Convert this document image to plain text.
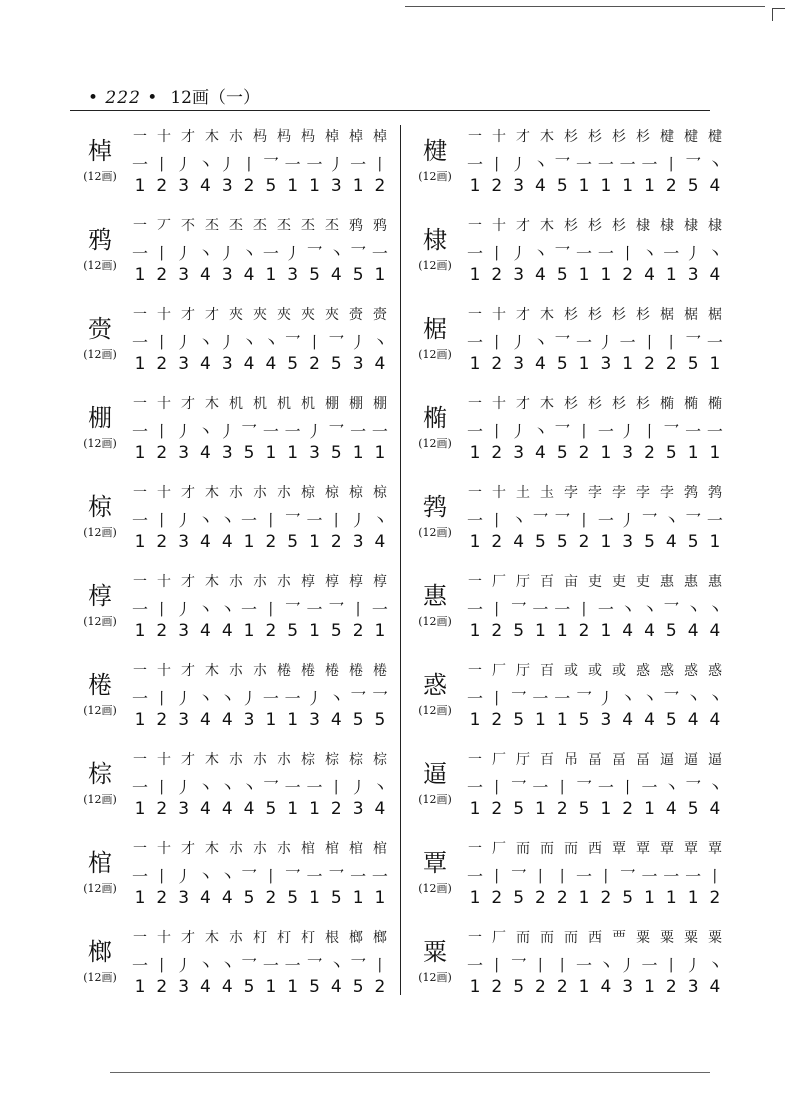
• 222 • 12画（一）
棹
(12画)
一 十 才 木 朩 杩 杩 杩 棹 棹 棹
一 丨 丿 丶 丿 丨 乛 一 一 丿 一 丨
1 2 3 4 3 2 5 1 1 3 1 2
鸦
(12画)
一 丆 不 丕 丕 丕 丕 丕 丕 鸦 鸦
一 丨 丿 丶 丿 丶 一 丿 乛 丶 乛 一
1 2 3 4 3 4 1 3 5 4 5 1
赍
(12画)
一 十 才 才 夾 夾 夾 夾 夾 赍 赍
一 丨 丿 丶 丿 丶 丶 乛 丨 乛 丿 丶
1 2 3 4 3 4 4 5 2 5 3 4
棚
(12画)
一 十 才 木 机 机 机 机 棚 棚 棚
一 丨 丿 丶 丿 乛 一 一 丿 乛 一 一
1 2 3 4 3 5 1 1 3 5 1 1
椋
(12画)
一 十 才 木 朩 朩 朩 椋 椋 椋 椋
一 丨 丿 丶 丶 一 丨 乛 一 丨 丿 丶
1 2 3 4 4 1 2 5 1 2 3 4
椁
(12画)
一 十 才 木 朩 朩 朩 椁 椁 椁 椁
一 丨 丿 丶 丶 一 丨 乛 一 乛 丨 一
1 2 3 4 4 1 2 5 1 5 2 1
棬
(12画)
一 十 才 木 朩 朩 棬 棬 棬 棬 棬
一 丨 丿 丶 丶 丿 一 一 丿 丶 乛 乛
1 2 3 4 4 3 1 1 3 4 5 5
棕
(12画)
一 十 才 木 朩 朩 朩 棕 棕 棕 棕
一 丨 丿 丶 丶 丶 乛 一 一 丨 丿 丶
1 2 3 4 4 4 5 1 1 2 3 4
棺
(12画)
一 十 才 木 朩 朩 朩 棺 棺 棺 棺
一 丨 丿 丶 丶 乛 丨 乛 一 乛 一 一
1 2 3 4 4 5 2 5 1 5 1 1
榔
(12画)
一 十 才 木 朩 朾 朾 朾 根 榔 榔
一 丨 丿 丶 丶 乛 一 一 乛 丶 乛 丨
1 2 3 4 4 5 1 1 5 4 5 2
楗
(12画)
一 十 才 木 杉 杉 杉 杉 楗 楗 楗
一 丨 丿 丶 乛 一 一 一 一 丨 乛 丶
1 2 3 4 5 1 1 1 1 2 5 4
棣
(12画)
一 十 才 木 杉 杉 杉 棣 棣 棣 棣
一 丨 丿 丶 乛 一 一 丨 丶 一 丿 丶
1 2 3 4 5 1 1 2 4 1 3 4
椐
(12画)
一 十 才 木 杉 杉 杉 杉 椐 椐 椐
一 丨 丿 丶 乛 一 丿 一 丨 丨 乛 一
1 2 3 4 5 1 3 1 2 2 5 1
椭
(12画)
一 十 才 木 杉 杉 杉 杉 椭 椭 椭
一 丨 丿 丶 乛 丨 一 丿 丨 乛 一 一
1 2 3 4 5 2 1 3 2 5 1 1
鹁
(12画)
一 十 土 圡 孛 孛 孛 孛 孛 鹁 鹁
一 丨 丶 乛 乛 丨 一 丿 乛 丶 乛 一
1 2 4 5 5 2 1 3 5 4 5 1
惠
(12画)
一 厂 厅 百 亩 吏 吏 吏 惠 惠 惠
一 丨 乛 一 一 丨 一 丶 丶 乛 丶 丶
1 2 5 1 1 2 1 4 4 5 4 4
惑
(12画)
一 厂 厅 百 或 或 或 惑 惑 惑 惑
一 丨 乛 一 一 乛 丿 丶 丶 乛 丶 丶
1 2 5 1 1 5 3 4 4 5 4 4
逼
(12画)
一 厂 厅 百 吊 畐 畐 畐 逼 逼 逼
一 丨 乛 一 丨 乛 一 丨 一 丶 乛 丶
1 2 5 1 2 5 1 2 1 4 5 4
覃
(12画)
一 厂 而 而 而 西 覃 覃 覃 覃 覃
一 丨 乛 丨 丨 一 丨 乛 一 一 一 丨
1 2 5 2 2 1 2 5 1 1 1 2
粟
(12画)
一 厂 而 而 而 西 覀 粟 粟 粟 粟
一 丨 乛 丨 丨 一 丶 丿 一 丨 丿 丶
1 2 5 2 2 1 4 3 1 2 3 4
